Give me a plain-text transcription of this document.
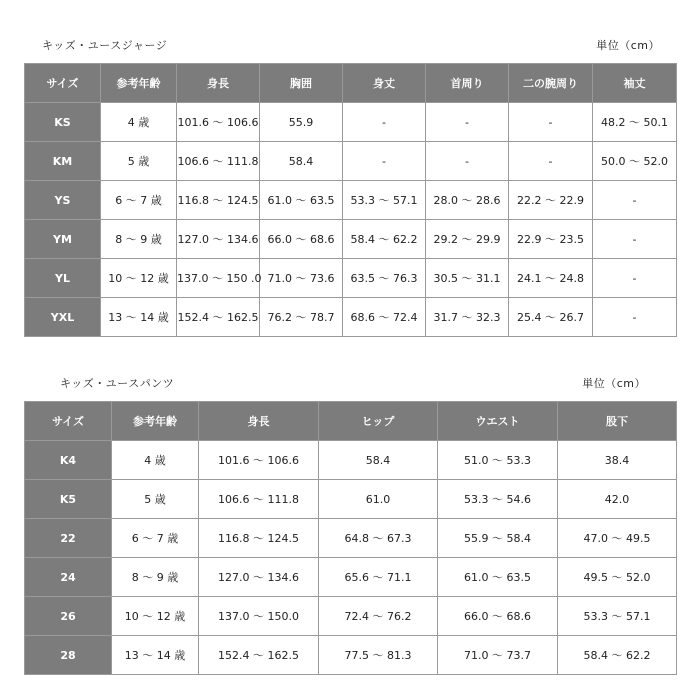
キッズ・ユースジャージ	単位（cm）
サイズ	参考年齢	身長	胸囲	身丈	首周り	二の腕周り	袖丈
KS	4 歳	101.6 ～ 106.6	55.9	-	-	-	48.2 ～ 50.1
KM	5 歳	106.6 ～ 111.8	58.4	-	-	-	50.0 ～ 52.0
YS	6 ～ 7 歳	116.8 ～ 124.5	61.0 ～ 63.5	53.3 ～ 57.1	28.0 ～ 28.6	22.2 ～ 22.9	-
YM	8 ～ 9 歳	127.0 ～ 134.6	66.0 ～ 68.6	58.4 ～ 62.2	29.2 ～ 29.9	22.9 ～ 23.5	-
YL	10 ～ 12 歳	137.0 ～ 150 .0	71.0 ～ 73.6	63.5 ～ 76.3	30.5 ～ 31.1	24.1 ～ 24.8	-
YXL	13 ～ 14 歳	152.4 ～ 162.5	76.2 ～ 78.7	68.6 ～ 72.4	31.7 ～ 32.3	25.4 ～ 26.7	-
キッズ・ユースパンツ	単位（cm）
サイズ	参考年齢	身長	ヒップ	ウエスト	股下
K4	4 歳	101.6 ～ 106.6	58.4	51.0 ～ 53.3	38.4
K5	5 歳	106.6 ～ 111.8	61.0	53.3 ～ 54.6	42.0
22	6 ～ 7 歳	116.8 ～ 124.5	64.8 ～ 67.3	55.9 ～ 58.4	47.0 ～ 49.5
24	8 ～ 9 歳	127.0 ～ 134.6	65.6 ～ 71.1	61.0 ～ 63.5	49.5 ～ 52.0
26	10 ～ 12 歳	137.0 ～ 150.0	72.4 ～ 76.2	66.0 ～ 68.6	53.3 ～ 57.1
28	13 ～ 14 歳	152.4 ～ 162.5	77.5 ～ 81.3	71.0 ～ 73.7	58.4 ～ 62.2
